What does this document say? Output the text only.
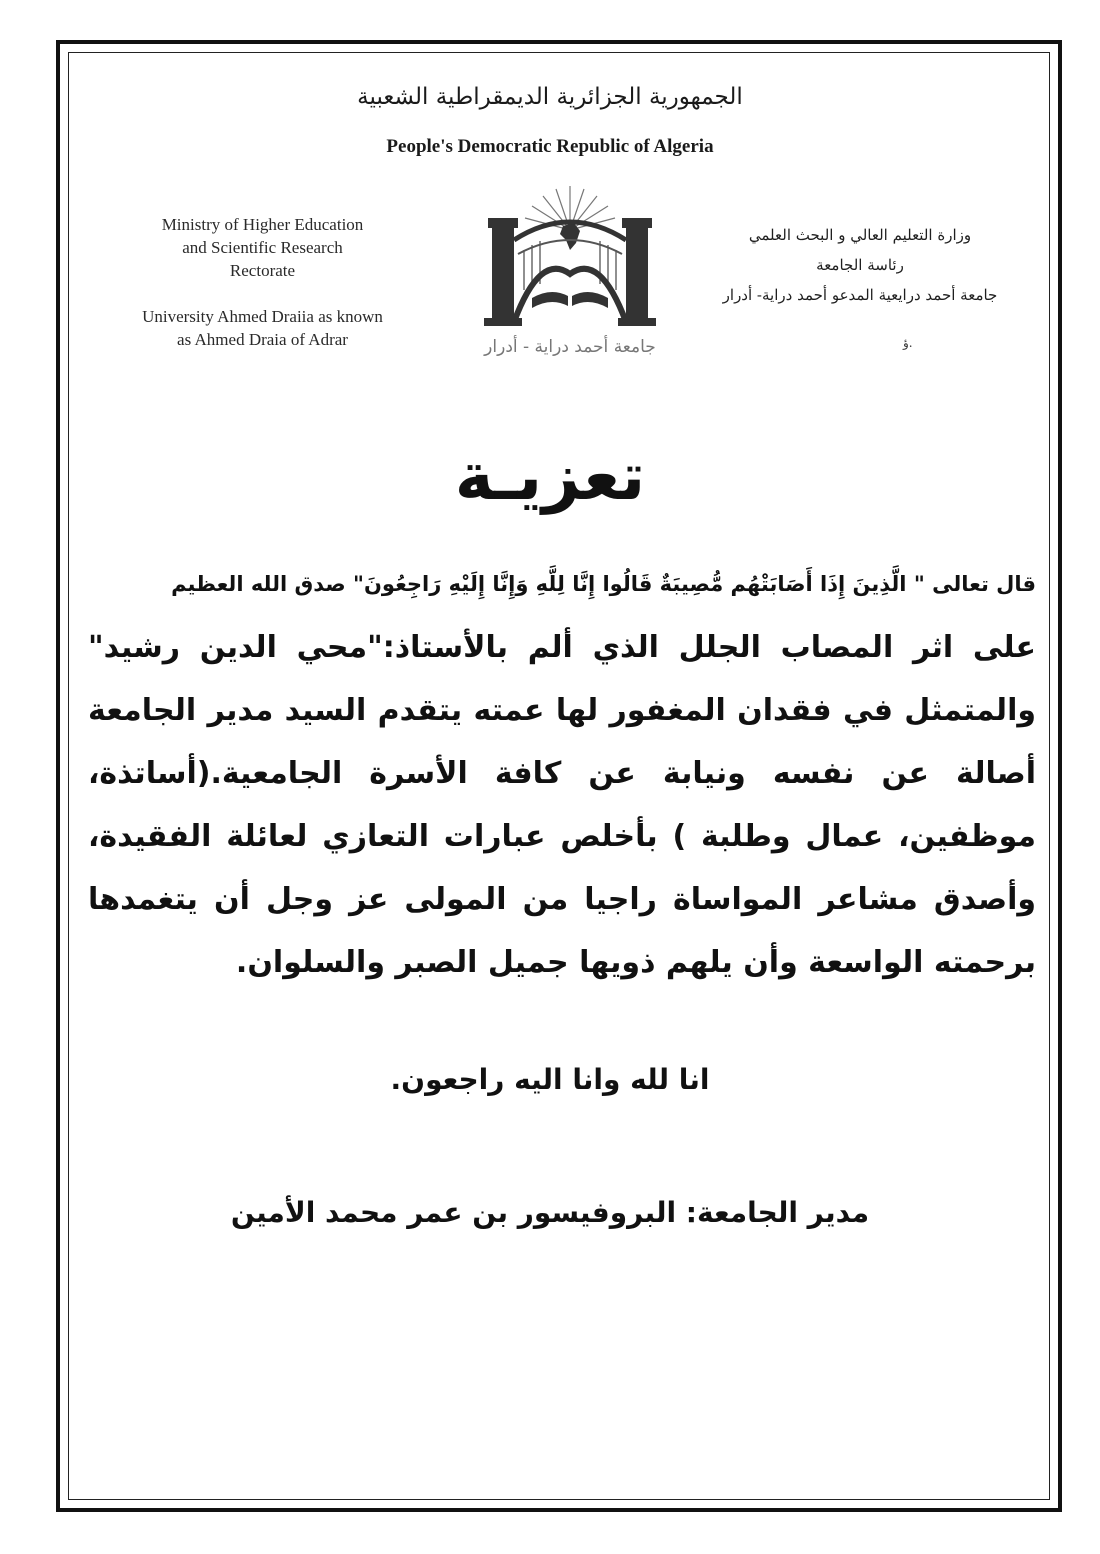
الجمهورية الجزائرية الديمقراطية الشعبية
People's Democratic Republic of Algeria
Ministry of Higher Education
and Scientific Research
Rectorate
University Ahmed Draiia as known
as Ahmed Draia of Adrar
وزارة التعليم العالي و البحث العلمي
رئاسة الجامعة
جامعة أحمد درايعية المدعو أحمد دراية- أدرار
ؤ.
جامعة أحمد دراية - أدرار
تعزيـة
قال تعالى " الَّذِينَ إِذَا أَصَابَتْهُم مُّصِيبَةٌ قَالُوا إِنَّا لِلَّهِ وَإِنَّا إِلَيْهِ رَاجِعُونَ" صدق الله العظيم
على اثر المصاب الجلل الذي ألم بالأستاذ:"محي الدين رشيد" والمتمثل في فقدان المغفور لها عمته يتقدم السيد مدير الجامعة أصالة عن نفسه ونيابة عن كافة الأسرة الجامعية.(أساتذة، موظفين، عمال وطلبة ) بأخلص عبارات التعازي لعائلة الفقيدة، وأصدق مشاعر المواساة راجيا من المولى عز وجل أن يتغمدها برحمته الواسعة وأن يلهم ذويها جميل الصبر والسلوان.
انا لله وانا اليه راجعون.
مدير الجامعة: البروفيسور بن عمر محمد الأمين
